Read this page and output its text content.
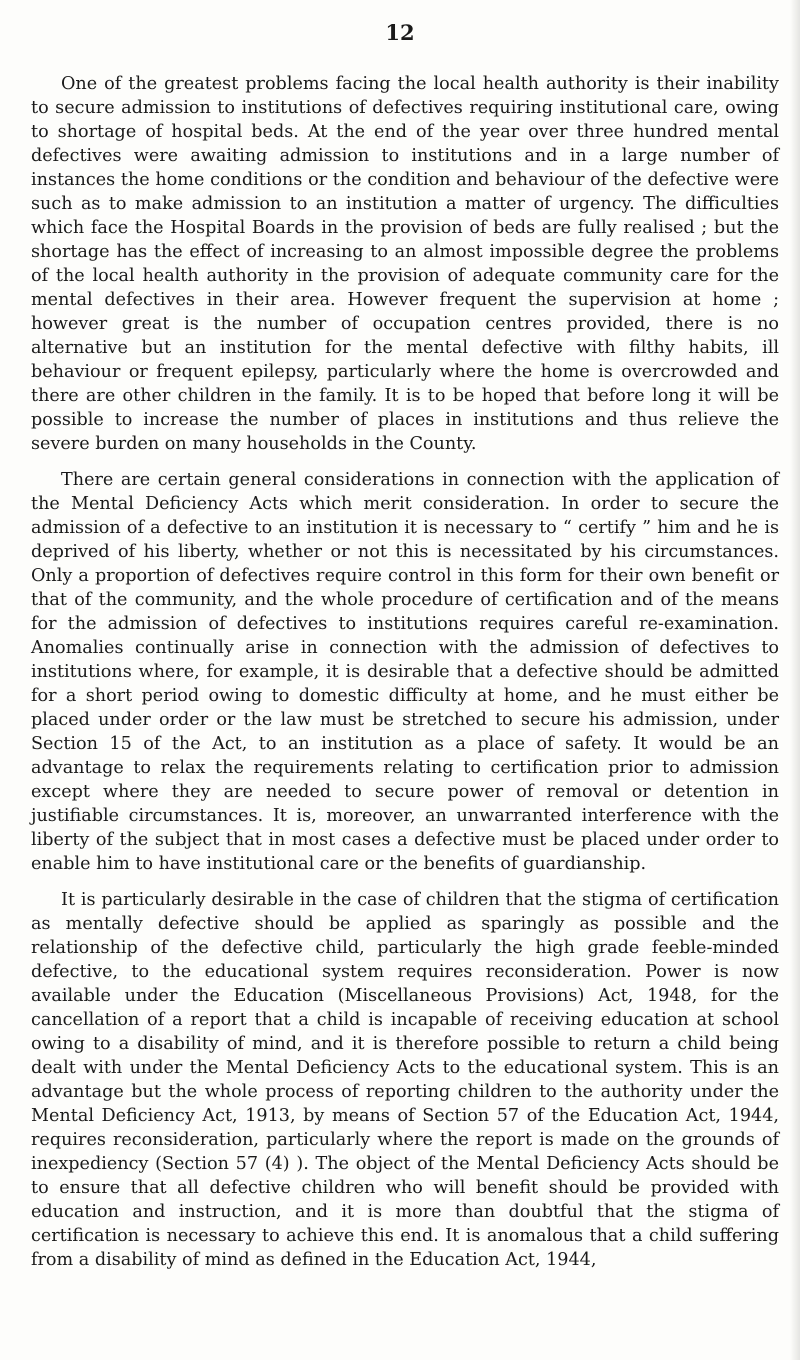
12

One of the greatest problems facing the local health authority is their inability to secure admission to institutions of defectives requiring institutional care, owing to shortage of hospital beds. At the end of the year over three hundred mental defectives were awaiting admission to institutions and in a large number of instances the home conditions or the condition and behaviour of the defective were such as to make admission to an institution a matter of urgency. The difficulties which face the Hospital Boards in the provision of beds are fully realised ; but the shortage has the effect of increasing to an almost impossible degree the problems of the local health authority in the provision of adequate community care for the mental defectives in their area. However frequent the supervision at home ; however great is the number of occupation centres provided, there is no alternative but an institution for the mental defective with filthy habits, ill behaviour or frequent epilepsy, particularly where the home is overcrowded and there are other children in the family. It is to be hoped that before long it will be possible to increase the number of places in institutions and thus relieve the severe burden on many households in the County.

There are certain general considerations in connection with the application of the Mental Deficiency Acts which merit consideration. In order to secure the admission of a defective to an institution it is necessary to “ certify ” him and he is deprived of his liberty, whether or not this is necessitated by his circumstances. Only a proportion of defectives require control in this form for their own benefit or that of the community, and the whole procedure of certification and of the means for the admission of defectives to institutions requires careful re-examination. Anomalies continually arise in connection with the admission of defectives to institutions where, for example, it is desirable that a defective should be admitted for a short period owing to domestic difficulty at home, and he must either be placed under order or the law must be stretched to secure his admission, under Section 15 of the Act, to an institution as a place of safety. It would be an advantage to relax the requirements relating to certification prior to admission except where they are needed to secure power of removal or detention in justifiable circumstances. It is, moreover, an unwarranted interference with the liberty of the subject that in most cases a defective must be placed under order to enable him to have institutional care or the benefits of guardianship.

It is particularly desirable in the case of children that the stigma of certification as mentally defective should be applied as sparingly as possible and the relationship of the defective child, particularly the high grade feeble-minded defective, to the educational system requires reconsideration. Power is now available under the Education (Miscellaneous Provisions) Act, 1948, for the cancellation of a report that a child is incapable of receiving education at school owing to a disability of mind, and it is therefore possible to return a child being dealt with under the Mental Deficiency Acts to the educational system. This is an advantage but the whole process of reporting children to the authority under the Mental Deficiency Act, 1913, by means of Section 57 of the Education Act, 1944, requires reconsideration, particularly where the report is made on the grounds of inexpediency (Section 57 (4) ). The object of the Mental Deficiency Acts should be to ensure that all defective children who will benefit should be provided with education and instruction, and it is more than doubtful that the stigma of certification is necessary to achieve this end. It is anomalous that a child suffering from a disability of mind as defined in the Education Act, 1944,
